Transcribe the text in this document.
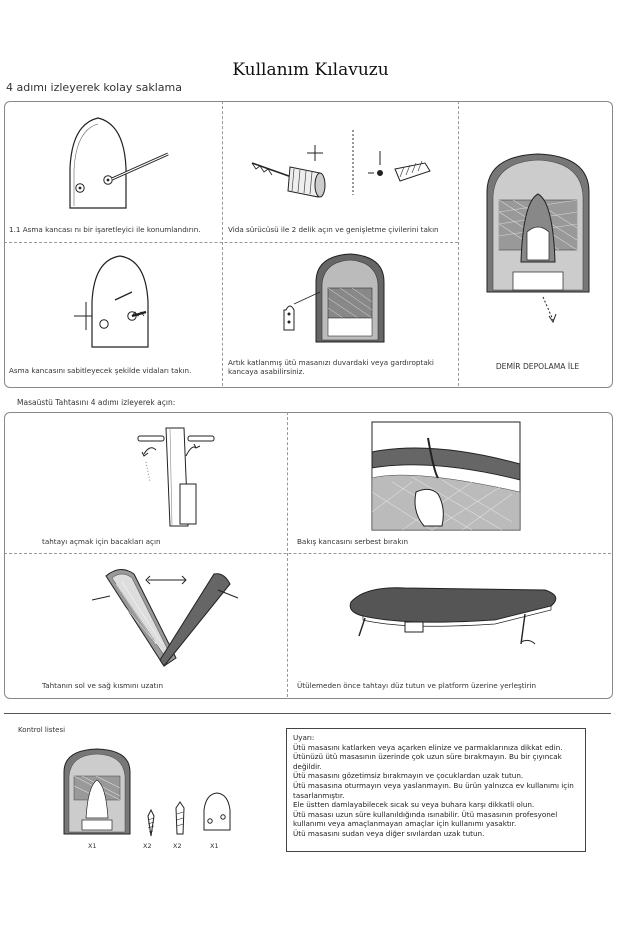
Kullanım Kılavuzu
4 adımı izleyerek kolay saklama
1.1 Asma kancası nı bir işaretleyici ile konumlandırın.	Vida sürücüsü ile 2 delik açın ve genişletme çivilerini takın
Asma kancasını sabitleyecek şekilde vidaları takın.
Artık katlanmış ütü masanızı duvardaki veya gardıroptaki kancaya asabilirsiniz.
DEMİR DEPOLAMA İLE
Masaüstü Tahtasını 4 adımı izleyerek açın:
tahtayı açmak için bacakları açın	Bakış kancasını serbest bırakın
Tahtanın sol ve sağ kısmını uzatın	Ütülemeden önce tahtayı düz tutun ve platform üzerine yerleştirin
Kontrol listesi
X1	X2	X2	X1
Uyarı:
Ütü masasını katlarken veya açarken elinize ve parmaklarınıza dikkat edin.
Ütünüzü ütü masasının üzerinde çok uzun süre bırakmayın. Bu bir çıyıncak değildir.
Ütü masasını gözetimsiz bırakmayın ve çocuklardan uzak tutun.
Ütü masasına oturmayın veya yaslanmayın. Bu ürün yalnızca ev kullanımı için tasarlanmıştır.
Ele üstten damlayabilecek sıcak su veya buhara karşı dikkatli olun.
Ütü masası uzun süre kullanıldığında ısınabilir. Ütü masasının profesyonel kullanımı veya amaçlanmayan amaçlar için kullanımı yasaktır.
Ütü masasını sudan veya diğer sıvılardan uzak tutun.
